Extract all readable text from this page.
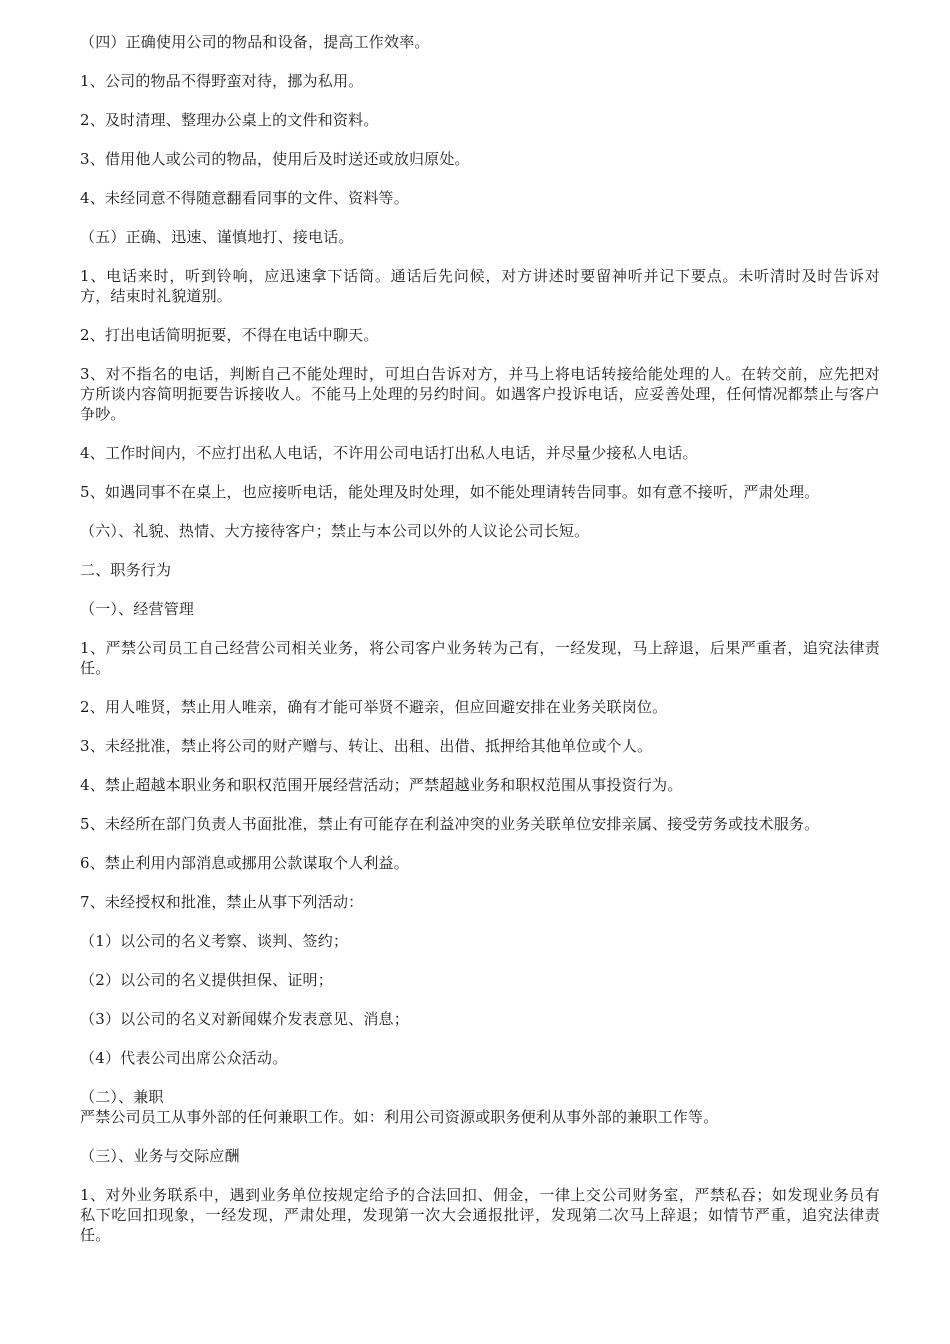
（四）正确使用公司的物品和设备，提高工作效率。

1、公司的物品不得野蛮对待，挪为私用。

2、及时清理、整理办公桌上的文件和资料。

3、借用他人或公司的物品，使用后及时送还或放归原处。

4、未经同意不得随意翻看同事的文件、资料等。

（五）正确、迅速、谨慎地打、接电话。

1、电话来时，听到铃响，应迅速拿下话筒。通话后先问候，对方讲述时要留神听并记下要点。未听清时及时告诉对方，结束时礼貌道别。

2、打出电话简明扼要，不得在电话中聊天。

3、对不指名的电话，判断自己不能处理时，可坦白告诉对方，并马上将电话转接给能处理的人。在转交前，应先把对方所谈内容简明扼要告诉接收人。不能马上处理的另约时间。如遇客户投诉电话，应妥善处理，任何情况都禁止与客户争吵。

4、工作时间内，不应打出私人电话，不许用公司电话打出私人电话，并尽量少接私人电话。

5、如遇同事不在桌上，也应接听电话，能处理及时处理，如不能处理请转告同事。如有意不接听，严肃处理。

（六）、礼貌、热情、大方接待客户；禁止与本公司以外的人议论公司长短。

二、职务行为

（一）、经营管理

1、严禁公司员工自己经营公司相关业务，将公司客户业务转为己有，一经发现，马上辞退，后果严重者，追究法律责任。

2、用人唯贤，禁止用人唯亲，确有才能可举贤不避亲，但应回避安排在业务关联岗位。

3、未经批准，禁止将公司的财产赠与、转让、出租、出借、抵押给其他单位或个人。

4、禁止超越本职业务和职权范围开展经营活动；严禁超越业务和职权范围从事投资行为。

5、未经所在部门负责人书面批准，禁止有可能存在利益冲突的业务关联单位安排亲属、接受劳务或技术服务。

6、禁止利用内部消息或挪用公款谋取个人利益。

7、未经授权和批准，禁止从事下列活动：

（1）以公司的名义考察、谈判、签约；

（2）以公司的名义提供担保、证明；

（3）以公司的名义对新闻媒介发表意见、消息；

（4）代表公司出席公众活动。

（二）、兼职

严禁公司员工从事外部的任何兼职工作。如：利用公司资源或职务便利从事外部的兼职工作等。

（三）、业务与交际应酬

1、对外业务联系中，遇到业务单位按规定给予的合法回扣、佣金，一律上交公司财务室，严禁私吞；如发现业务员有私下吃回扣现象，一经发现，严肃处理，发现第一次大会通报批评，发现第二次马上辞退；如情节严重，追究法律责任。
